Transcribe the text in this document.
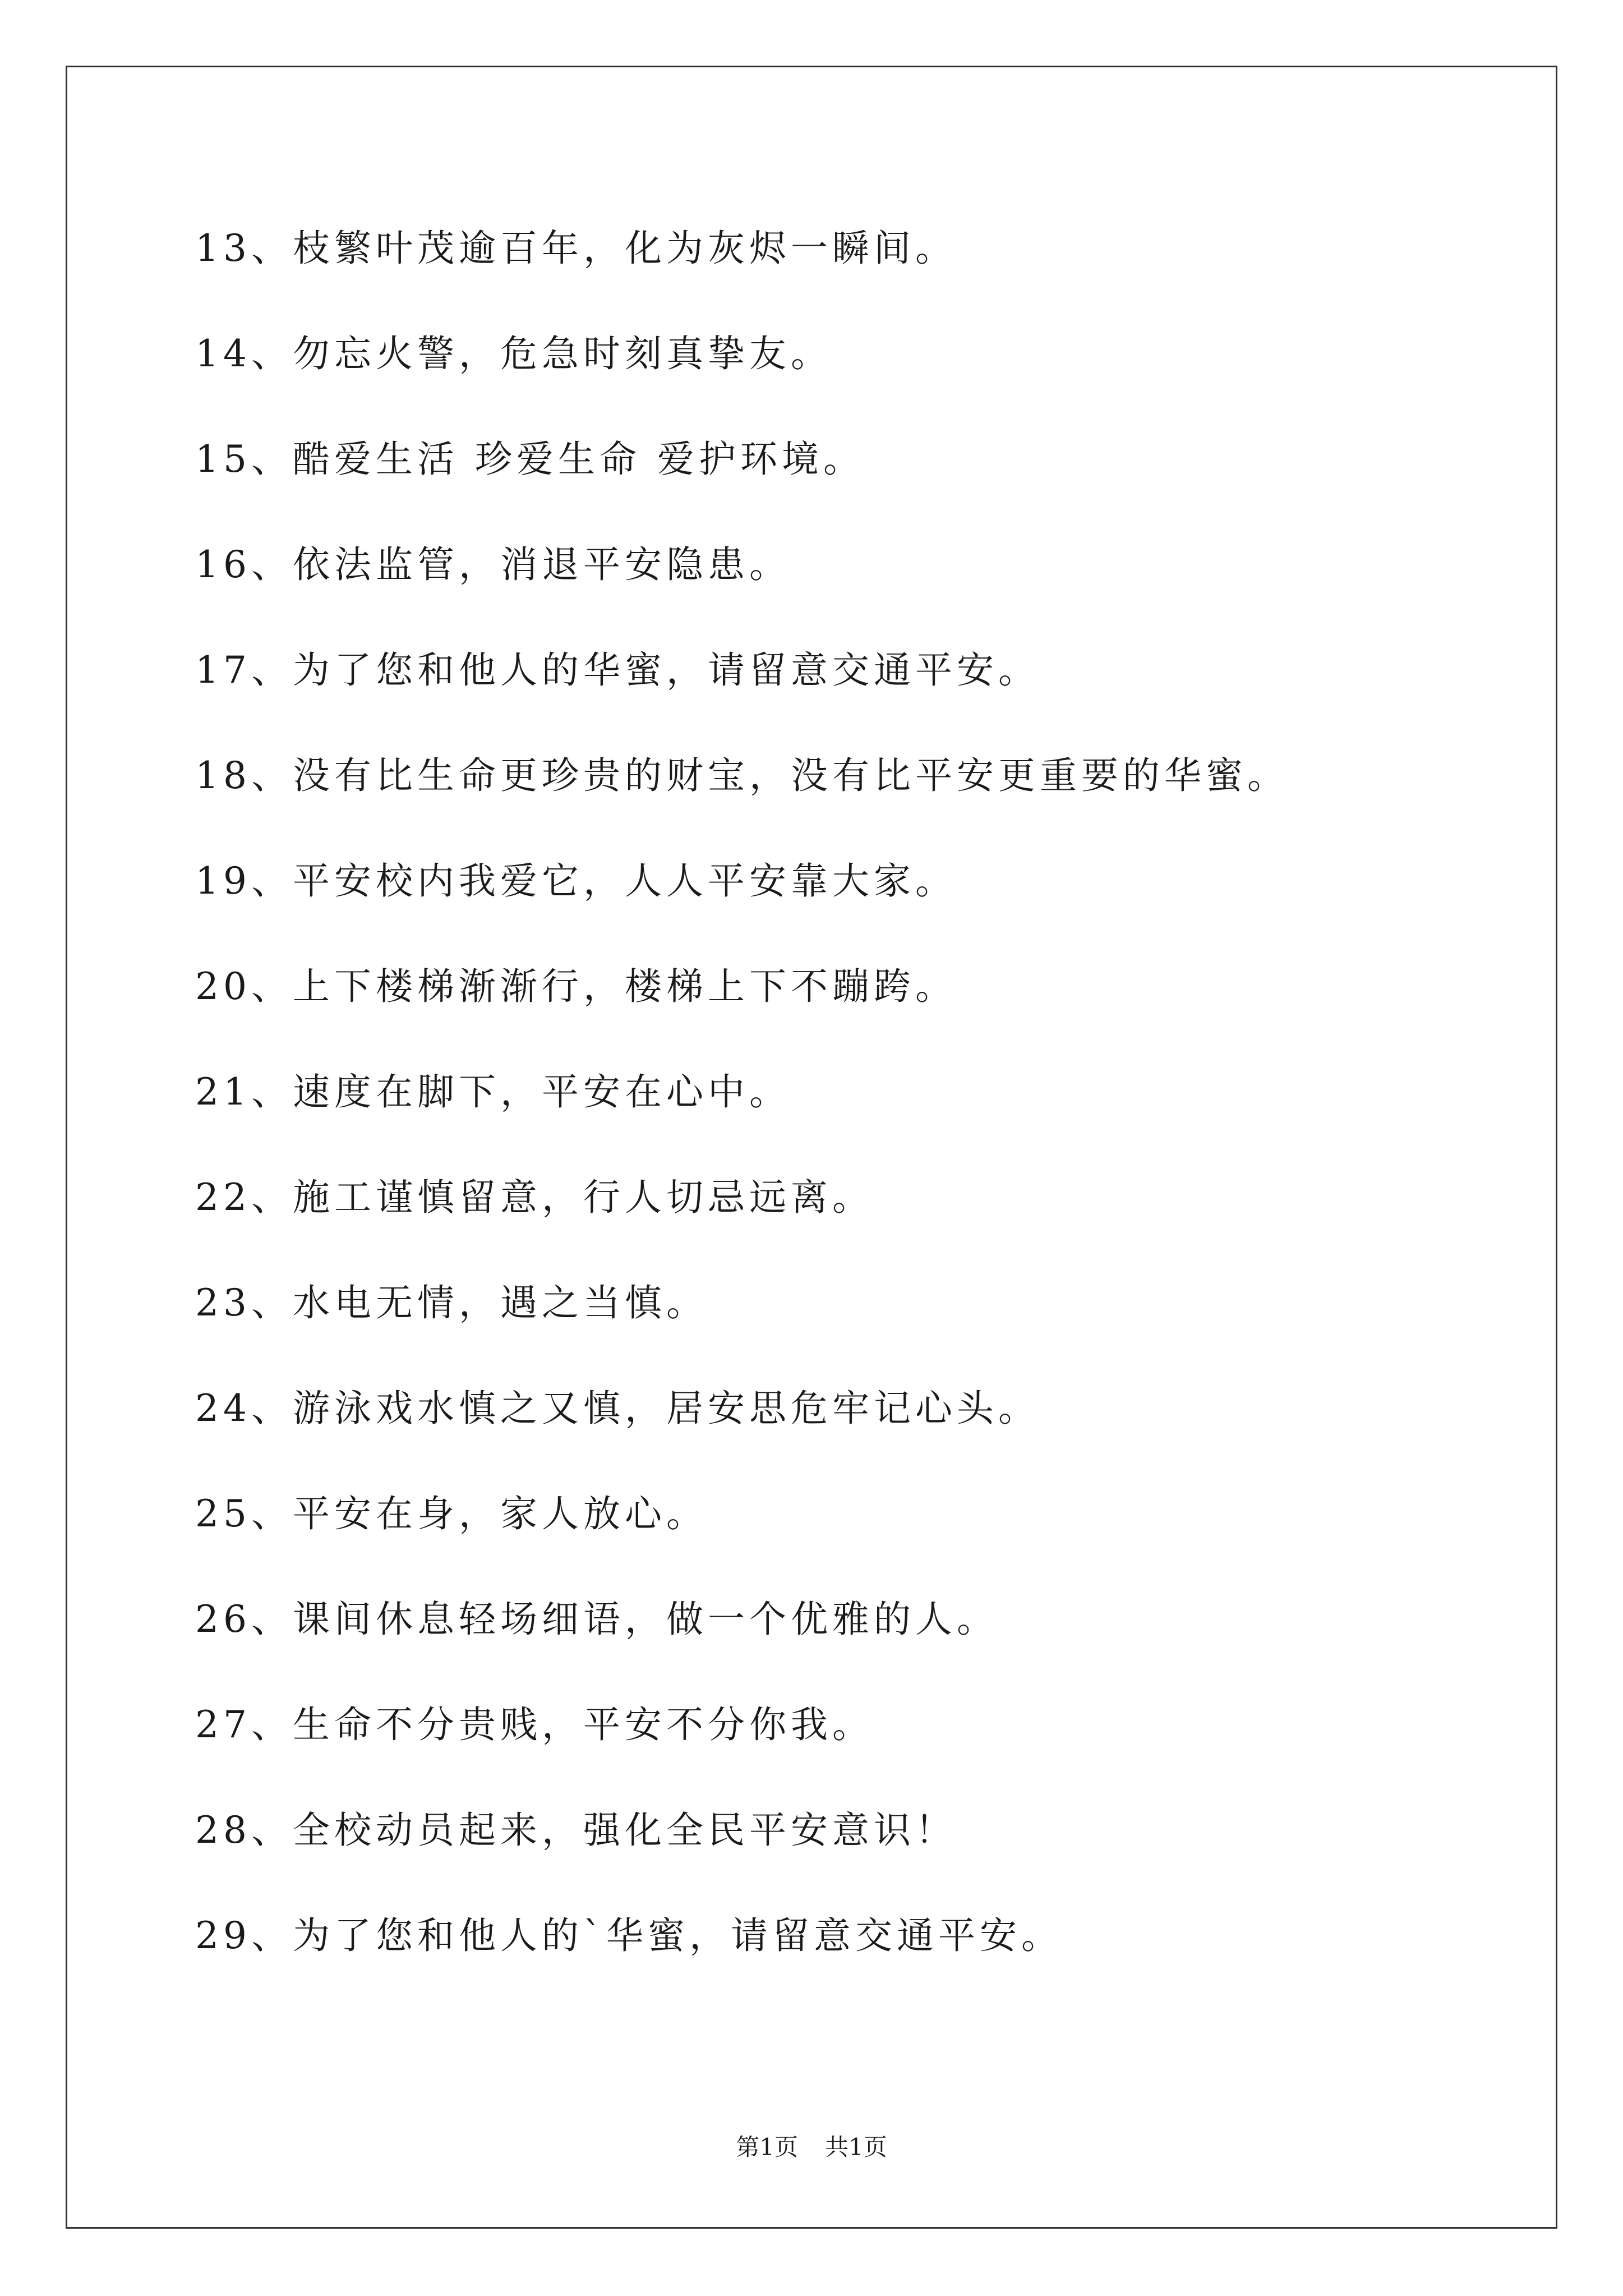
13、枝繁叶茂逾百年，化为灰烬一瞬间。
14、勿忘火警，危急时刻真挚友。
15、酷爱生活 珍爱生命 爱护环境。
16、依法监管，消退平安隐患。
17、为了您和他人的华蜜，请留意交通平安。
18、没有比生命更珍贵的财宝，没有比平安更重要的华蜜。
19、平安校内我爱它，人人平安靠大家。
20、上下楼梯渐渐行，楼梯上下不蹦跨。
21、速度在脚下，平安在心中。
22、施工谨慎留意，行人切忌远离。
23、水电无情，遇之当慎。
24、游泳戏水慎之又慎，居安思危牢记心头。
25、平安在身，家人放心。
26、课间休息轻场细语，做一个优雅的人。
27、生命不分贵贱，平安不分你我。
28、全校动员起来，强化全民平安意识！
29、为了您和他人的`华蜜，请留意交通平安。
第1页 共1页
